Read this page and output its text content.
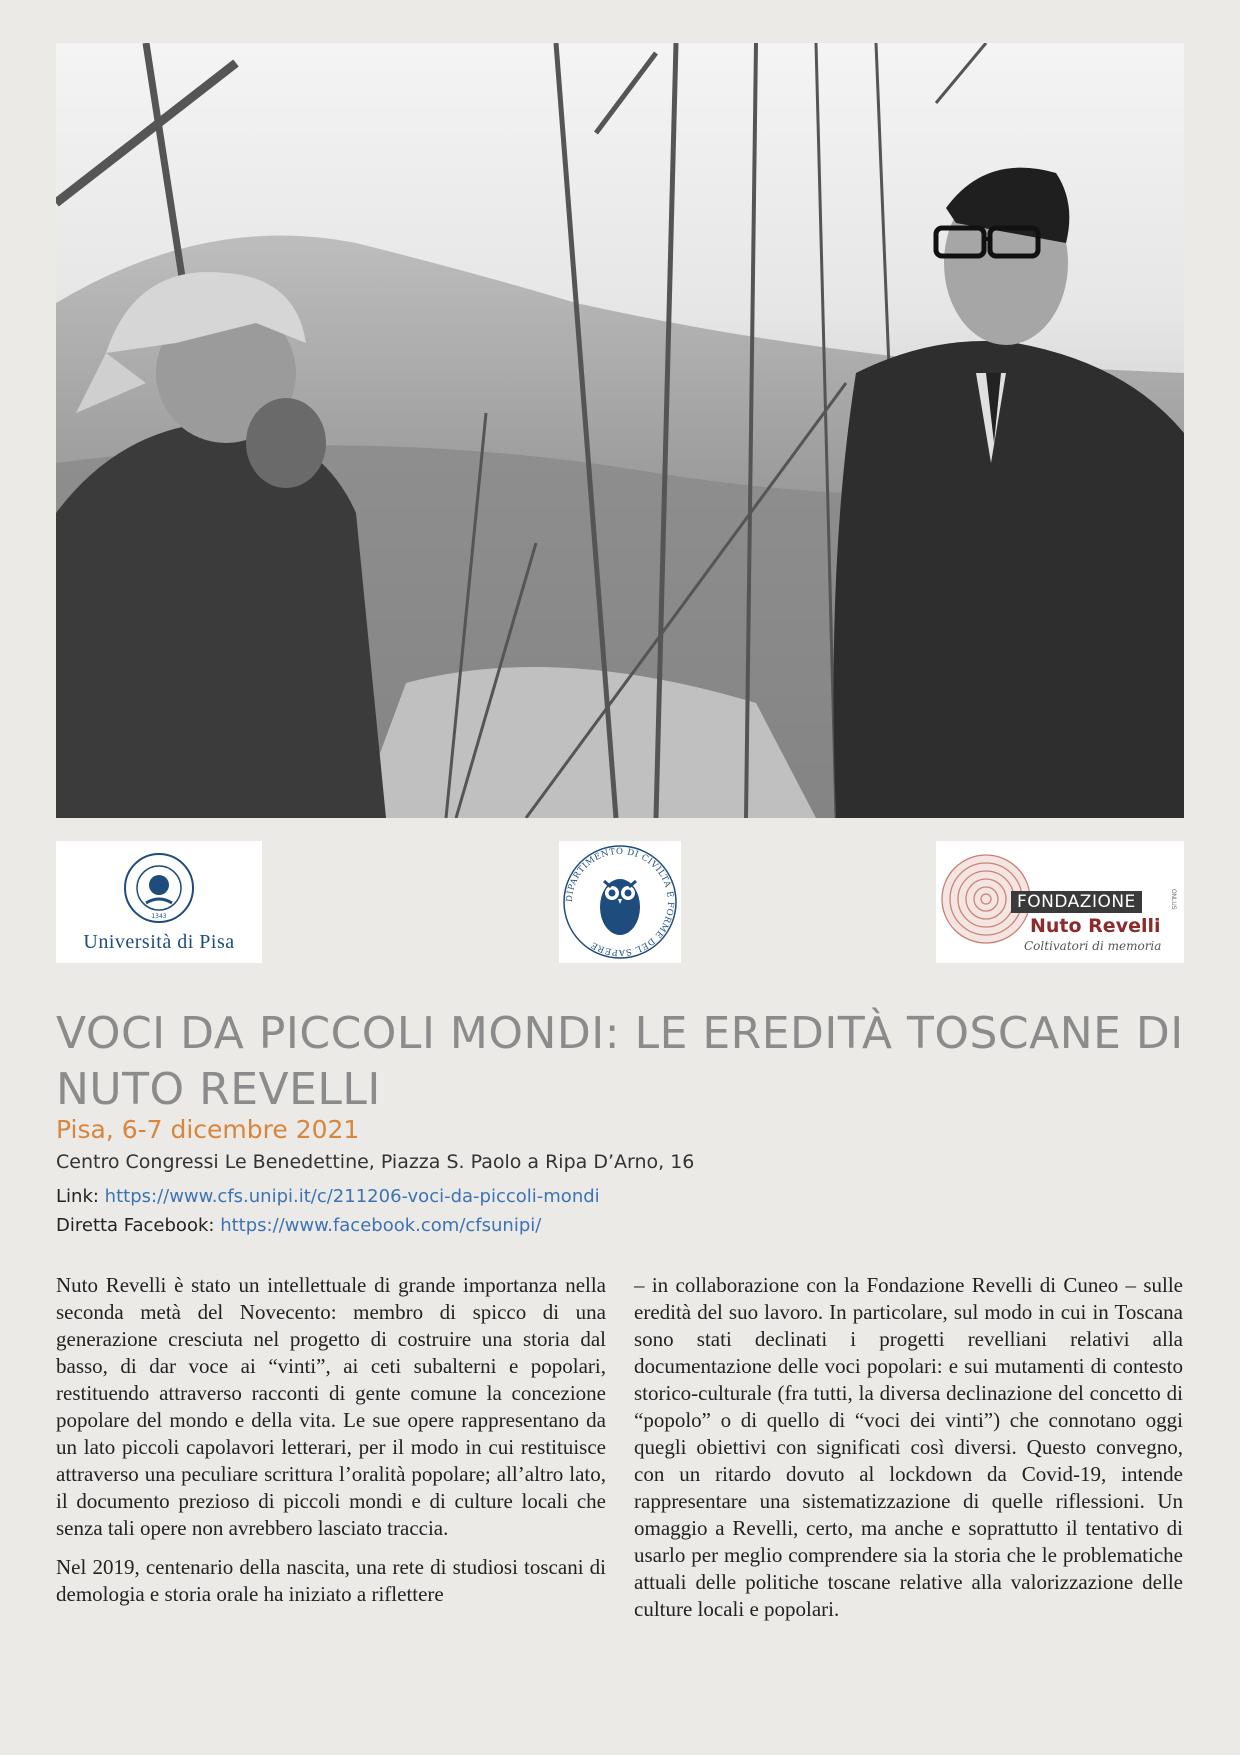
1343
Università di Pisa
DIPARTIMENTO DI CIVILTÀ E FORME DEL SAPERE
FONDAZIONE	ONLUS
Nuto Revelli
Coltivatori di memoria
VOCI DA PICCOLI MONDI: LE EREDITÀ TOSCANE DI NUTO REVELLI

Pisa, 6-7 dicembre 2021

Centro Congressi Le Benedettine, Piazza S. Paolo a Ripa D’Arno, 16

Link: https://www.cfs.unipi.it/c/211206-voci-da-piccoli-mondi

Diretta Facebook: https://www.facebook.com/cfsunipi/

Nuto Revelli è stato un intellettuale di grande importanza nella seconda metà del Novecento: membro di spicco di una generazione cresciuta nel progetto di costruire una storia dal basso, di dar voce ai “vinti”, ai ceti subalterni e popolari, restituendo attraverso racconti di gente comune la concezione popolare del mondo e della vita. Le sue opere rappresentano da un lato piccoli capolavori letterari, per il modo in cui restituisce attraverso una peculiare scrittura l’oralità popolare; all’altro lato, il documento prezioso di piccoli mondi e di culture locali che senza tali opere non avrebbero lasciato traccia.

Nel 2019, centenario della nascita, una rete di studiosi toscani di demologia e storia orale ha iniziato a riflettere

– in collaborazione con la Fondazione Revelli di Cuneo – sulle eredità del suo lavoro. In particolare, sul modo in cui in Toscana sono stati declinati i progetti revelliani relativi alla documentazione delle voci popolari: e sui mutamenti di contesto storico-culturale (fra tutti, la diversa declinazione del concetto di “popolo” o di quello di “voci dei vinti”) che connotano oggi quegli obiettivi con significati così diversi. Questo convegno, con un ritardo dovuto al lockdown da Covid-19, intende rappresentare una sistematizzazione di quelle riflessioni. Un omaggio a Revelli, certo, ma anche e soprattutto il tentativo di usarlo per meglio comprendere sia la storia che le problematiche attuali delle politiche toscane relative alla valorizzazione delle culture locali e popolari.
